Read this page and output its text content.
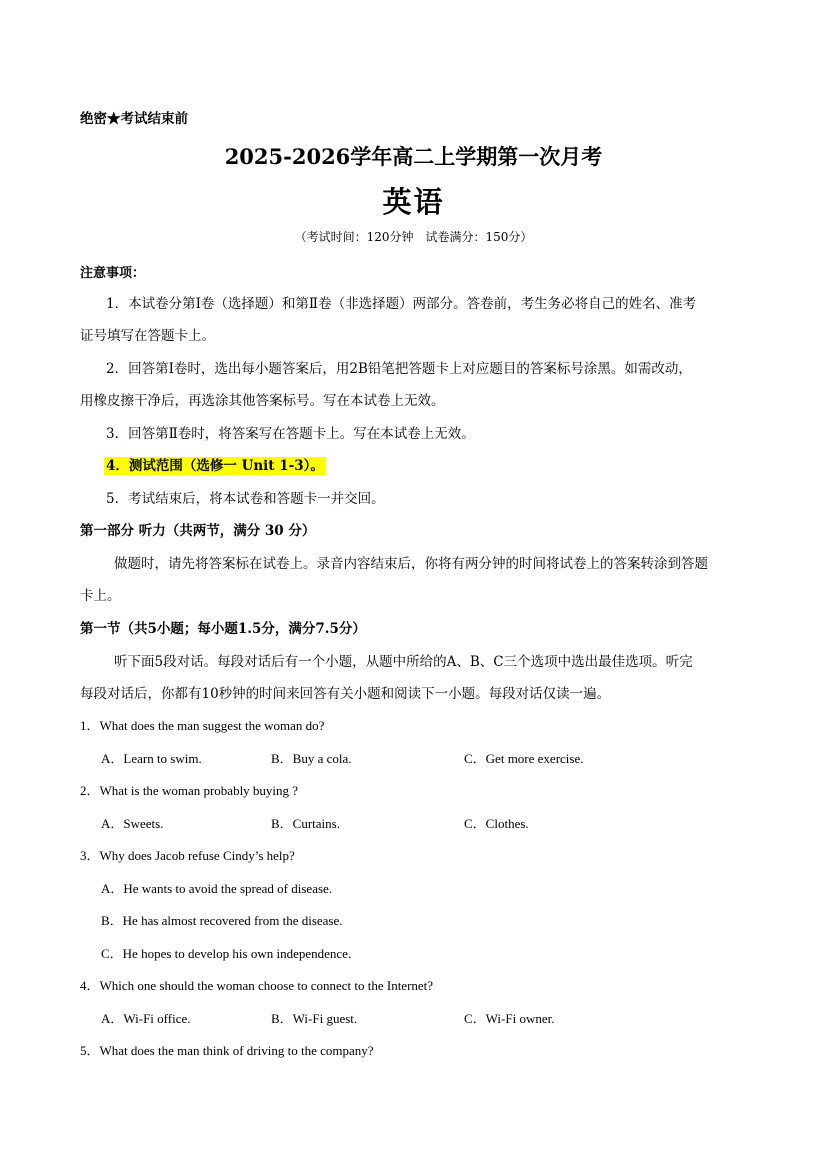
绝密★考试结束前
2025-2026学年高二上学期第一次月考
英语
（考试时间：120分钟　试卷满分：150分）
注意事项：
1．本试卷分第Ⅰ卷（选择题）和第Ⅱ卷（非选择题）两部分。答卷前，考生务必将自己的姓名、准考
证号填写在答题卡上。
2．回答第Ⅰ卷时，选出每小题答案后，用2B铅笔把答题卡上对应题目的答案标号涂黑。如需改动，
用橡皮擦干净后，再选涂其他答案标号。写在本试卷上无效。
3．回答第Ⅱ卷时，将答案写在答题卡上。写在本试卷上无效。
4．测试范围（选修一 Unit 1-3）。
5．考试结束后，将本试卷和答题卡一并交回。
第一部分 听力（共两节，满分 30 分）
做题时，请先将答案标在试卷上。录音内容结束后，你将有两分钟的时间将试卷上的答案转涂到答题
卡上。
第一节（共5小题；每小题1.5分，满分7.5分）
听下面5段对话。每段对话后有一个小题，从题中所给的A、B、C三个选项中选出最佳选项。听完
每段对话后，你都有10秒钟的时间来回答有关小题和阅读下一小题。每段对话仅读一遍。
1．What does the man suggest the woman do?
A．Learn to swim.	B．Buy a cola.	C．Get more exercise.
2．What is the woman probably buying ?
A．Sweets.	B．Curtains.	C．Clothes.
3．Why does Jacob refuse Cindy’s help?
A．He wants to avoid the spread of disease.
B．He has almost recovered from the disease.
C．He hopes to develop his own independence.
4．Which one should the woman choose to connect to the Internet?
A．Wi-Fi office.	B．Wi-Fi guest.	C．Wi-Fi owner.
5．What does the man think of driving to the company?
